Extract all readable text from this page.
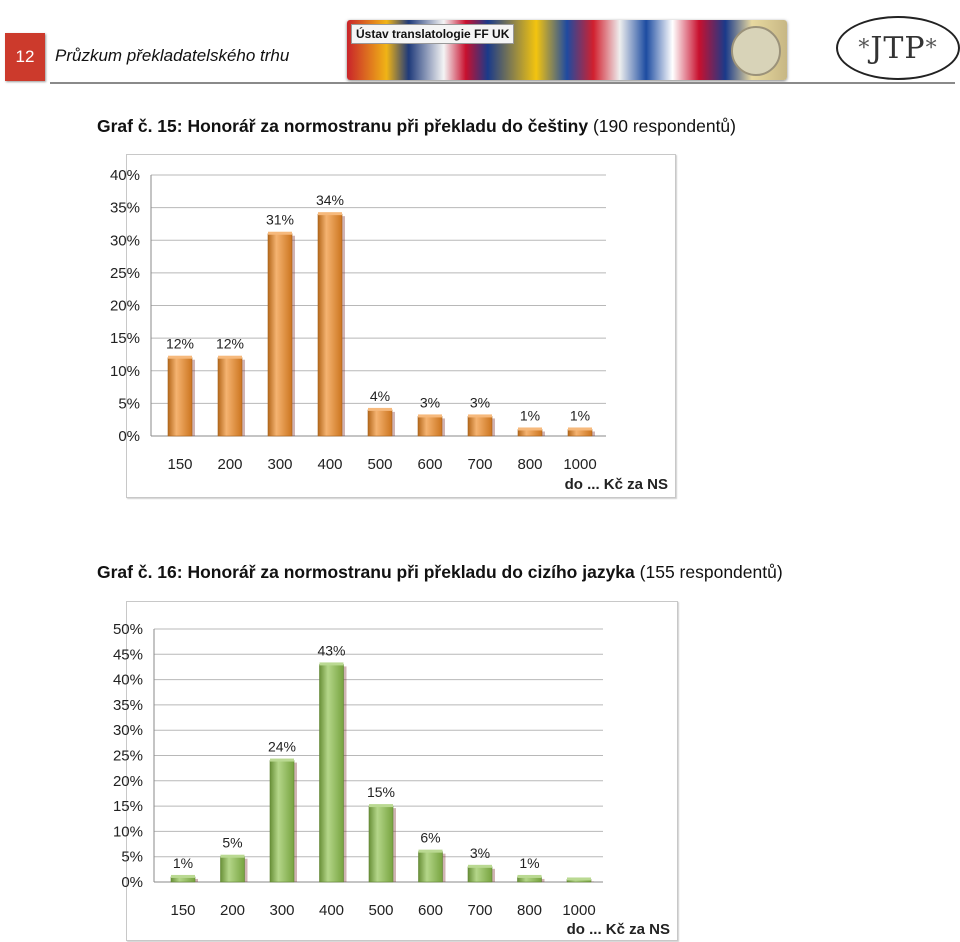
12	Průzkum překladatelského trhu
Ústav translatologie FF UK
* JTP *
Graf č. 15: Honorář za normostranu při překladu do češtiny (190 respondentů)
0%
5%
10%
15%
20%
25%
30%
35%
40%
12%
150
12%
200
31%
300
34%
400
4%
500
3%
600
3%
700
1%
800
1%
1000
do ... Kč za NS
Graf č. 16: Honorář za normostranu při překladu do cizího jazyka (155 respondentů)
0%
5%
10%
15%
20%
25%
30%
35%
40%
45%
50%
1%
150
5%
200
24%
300
43%
400
15%
500
6%
600
3%
700
1%
800 1000
do ... Kč za NS
